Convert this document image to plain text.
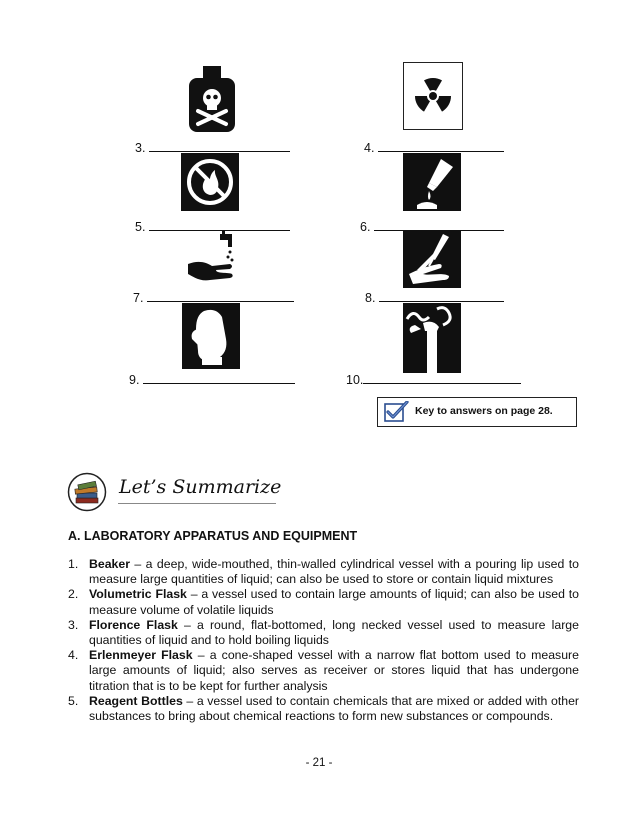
3.	4.
5.	6.
7.	8.
9.	10.
Key to answers on page 28.
Let’s Summarize
A. LABORATORY APPARATUS AND EQUIPMENT
1. Beaker – a deep, wide-mouthed, thin-walled cylindrical vessel with a pouring lip used to measure large quantities of liquid; can also be used to store or contain liquid mixtures
2. Volumetric Flask – a vessel used to contain large amounts of liquid; can also be used to measure volume of volatile liquids
3. Florence Flask – a round, flat-bottomed, long necked vessel used to measure large quantities of liquid and to hold boiling liquids
4. Erlenmeyer Flask – a cone-shaped vessel with a narrow flat bottom used to measure large amounts of liquid; also serves as receiver or stores liquid that has undergone titration that is to be kept for further analysis
5. Reagent Bottles – a vessel used to contain chemicals that are mixed or added with other substances to bring about chemical reactions to form new substances or compounds.
- 21 -
